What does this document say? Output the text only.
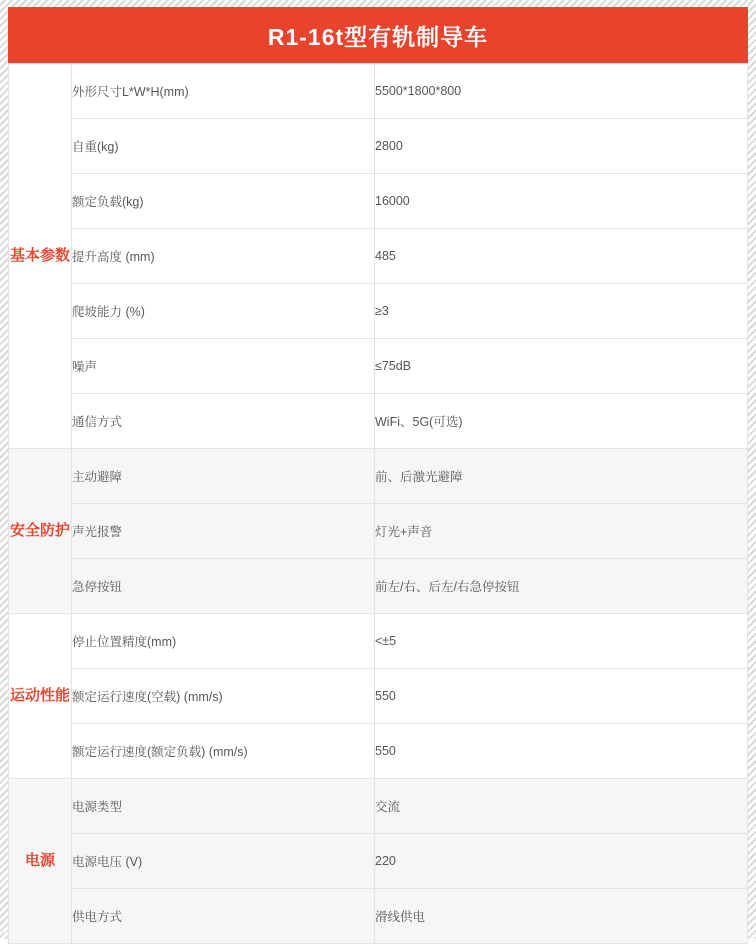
R1-16t型有轨制导车
基本参数	外形尺寸L*W*H(mm)	5500*1800*800
	自重(kg)	2800
	额定负载(kg)	16000
	提升高度 (mm)	485
	爬坡能力 (%)	≥3
	噪声	≤75dB
	通信方式	WiFi、5G(可选)
安全防护	主动避障	前、后激光避障
	声光报警	灯光+声音
	急停按钮	前左/右、后左/右急停按钮
运动性能	停止位置精度(mm)	<±5
	额定运行速度(空载) (mm/s)	550
	额定运行速度(额定负载) (mm/s)	550
电源	电源类型	交流
	电源电压 (V)	220
	供电方式	滑线供电
